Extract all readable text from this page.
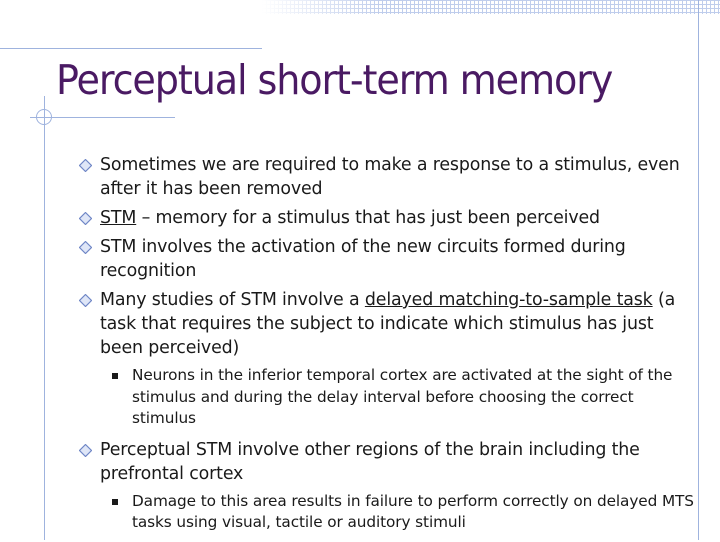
Perceptual short-term memory
Sometimes we are required to make a response to a stimulus, even after it has been removed
STM – memory for a stimulus that has just been perceived
STM involves the activation of the new circuits formed during recognition
Many studies of STM involve a delayed matching-to-sample task (a task that requires the subject to indicate which stimulus has just been perceived)
Neurons in the inferior temporal cortex are activated at the sight of the stimulus and during the delay interval before choosing the correct stimulus
Perceptual STM involve other regions of the brain including the prefrontal cortex
Damage to this area results in failure to perform correctly on delayed MTS tasks using visual, tactile or auditory stimuli
